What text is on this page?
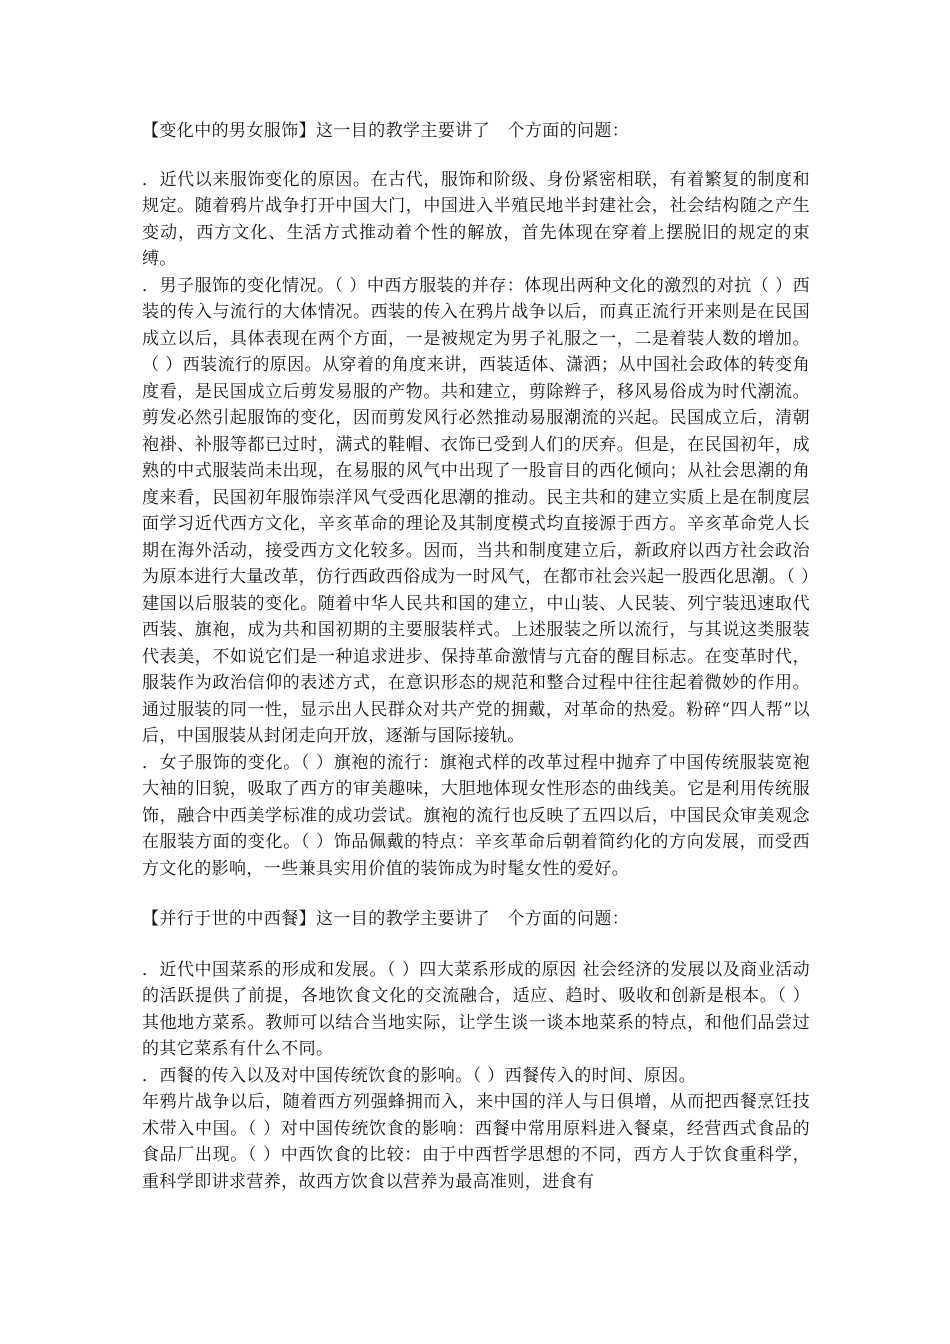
【变化中的男女服饰】这一目的教学主要讲了　个方面的问题：

．近代以来服饰变化的原因。在古代，服饰和阶级、身份紧密相联，有着繁复的制度和规定。随着鸦片战争打开中国大门，中国进入半殖民地半封建社会，社会结构随之产生变动，西方文化、生活方式推动着个性的解放，首先体现在穿着上摆脱旧的规定的束缚。

．男子服饰的变化情况。（ ）中西方服装的并存：体现出两种文化的激烈的对抗（ ）西装的传入与流行的大体情况。西装的传入在鸦片战争以后，而真正流行开来则是在民国成立以后，具体表现在两个方面，一是被规定为男子礼服之一，二是着装人数的增加。（ ）西装流行的原因。从穿着的角度来讲，西装适体、潇洒；从中国社会政体的转变角度看，是民国成立后剪发易服的产物。共和建立，剪除辫子，移风易俗成为时代潮流。剪发必然引起服饰的变化，因而剪发风行必然推动易服潮流的兴起。民国成立后，清朝袍褂、补服等都已过时，满式的鞋帽、衣饰已受到人们的厌弃。但是，在民国初年，成熟的中式服装尚未出现，在易服的风气中出现了一股盲目的西化倾向；从社会思潮的角度来看，民国初年服饰崇洋风气受西化思潮的推动。民主共和的建立实质上是在制度层面学习近代西方文化，辛亥革命的理论及其制度模式均直接源于西方。辛亥革命党人长期在海外活动，接受西方文化较多。因而，当共和制度建立后，新政府以西方社会政治为原本进行大量改革，仿行西政西俗成为一时风气，在都市社会兴起一股西化思潮。（ ）建国以后服装的变化。随着中华人民共和国的建立，中山装、人民装、列宁装迅速取代西装、旗袍，成为共和国初期的主要服装样式。上述服装之所以流行，与其说这类服装代表美，不如说它们是一种追求进步、保持革命激情与亢奋的醒目标志。在变革时代，服装作为政治信仰的表述方式，在意识形态的规范和整合过程中往往起着微妙的作用。通过服装的同一性，显示出人民群众对共产党的拥戴，对革命的热爱。粉碎“四人帮”以后，中国服装从封闭走向开放，逐渐与国际接轨。

．女子服饰的变化。（ ）旗袍的流行：旗袍式样的改革过程中抛弃了中国传统服装宽袍大袖的旧貌，吸取了西方的审美趣味，大胆地体现女性形态的曲线美。它是利用传统服饰，融合中西美学标准的成功尝试。旗袍的流行也反映了五四以后，中国民众审美观念在服装方面的变化。（ ）饰品佩戴的特点：辛亥革命后朝着简约化的方向发展，而受西方文化的影响，一些兼具实用价值的装饰成为时髦女性的爱好。

【并行于世的中西餐】这一目的教学主要讲了　个方面的问题：

．近代中国菜系的形成和发展。（ ）四大菜系形成的原因 社会经济的发展以及商业活动的活跃提供了前提，各地饮食文化的交流融合，适应、趋时、吸收和创新是根本。（ ）其他地方菜系。教师可以结合当地实际，让学生谈一谈本地菜系的特点，和他们品尝过的其它菜系有什么不同。

．西餐的传入以及对中国传统饮食的影响。（ ）西餐传入的时间、原因。

年鸦片战争以后，随着西方列强蜂拥而入，来中国的洋人与日俱增，从而把西餐烹饪技术带入中国。（ ）对中国传统饮食的影响：西餐中常用原料进入餐桌，经营西式食品的食品厂出现。（ ）中西饮食的比较：由于中西哲学思想的不同，西方人于饮食重科学，重科学即讲求营养，故西方饮食以营养为最高准则，进食有
